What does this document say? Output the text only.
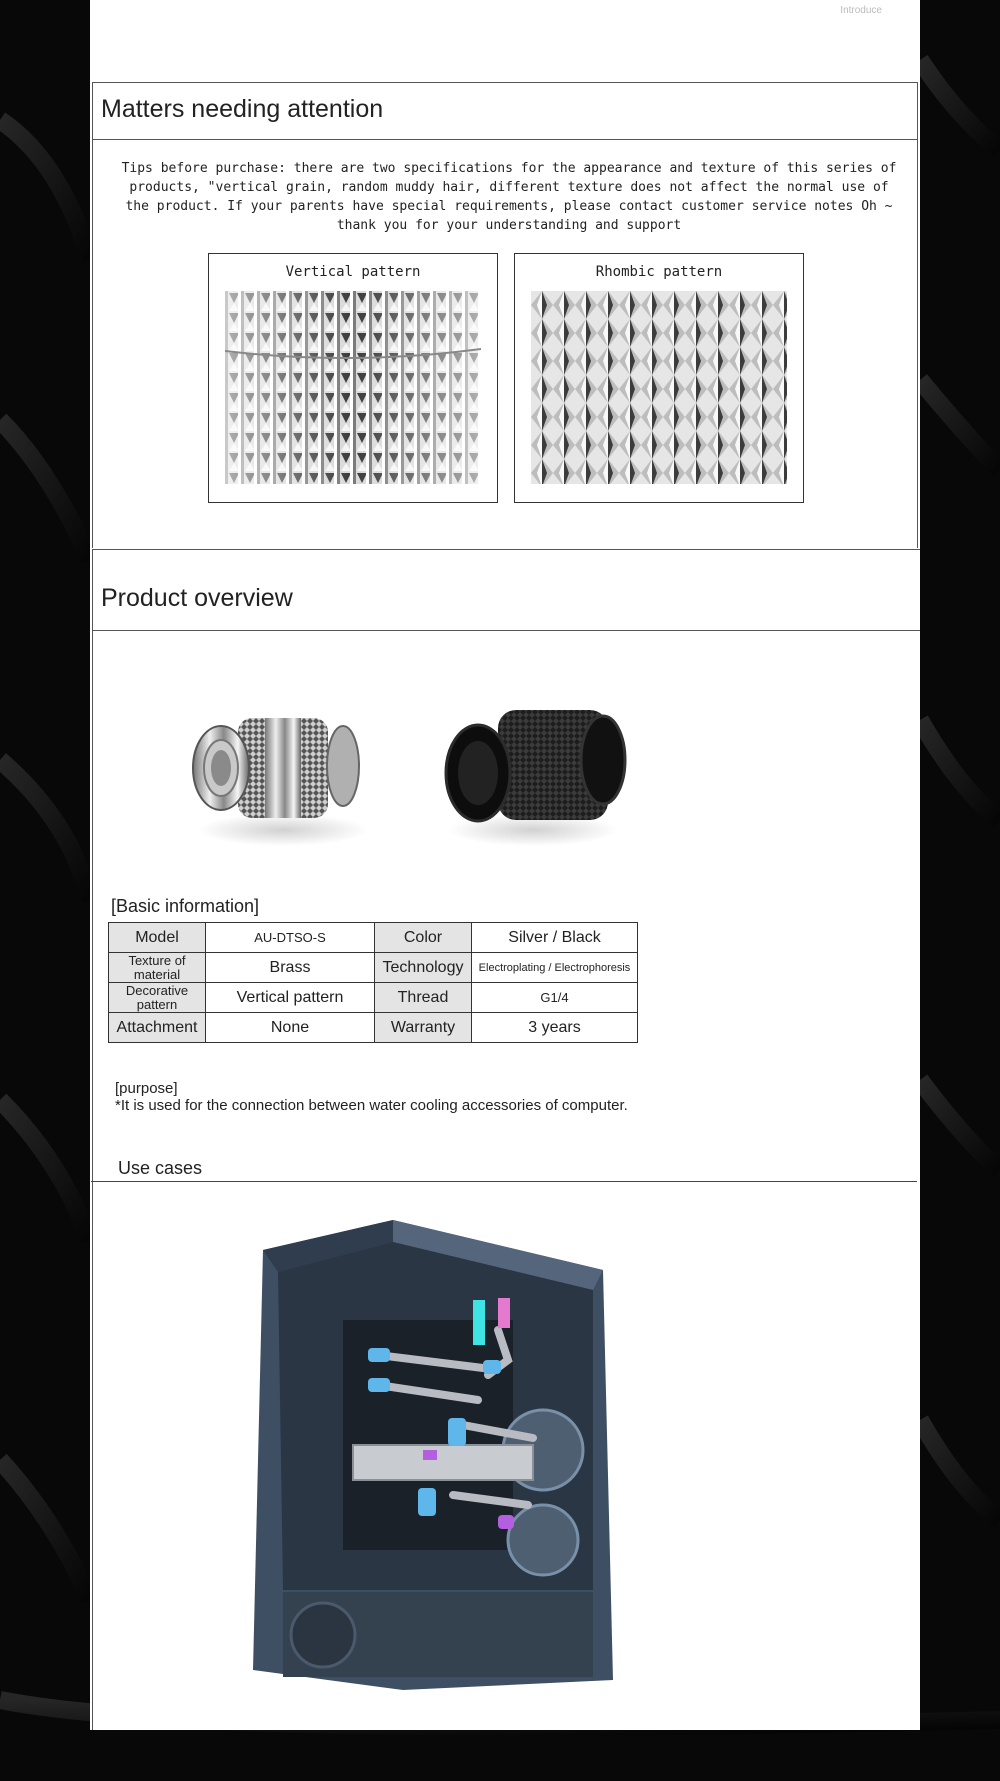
Introduce
Matters needing attention
Tips before purchase: there are two specifications for the appearance and texture of this series of products, "vertical grain, random muddy hair, different texture does not affect the normal use of the product. If your parents have special requirements, please contact customer service notes Oh ~ thank you for your understanding and support
Vertical pattern	Rhombic pattern
Product overview
[Basic information]
Model	AU-DTSO-S	Color	Silver / Black
Texture of material	Brass	Technology	Electroplating / Electrophoresis
Decorative pattern	Vertical pattern	Thread	G1/4
Attachment	None	Warranty	3 years
[purpose]
*It is used for the connection between water cooling accessories of computer.
Use cases
